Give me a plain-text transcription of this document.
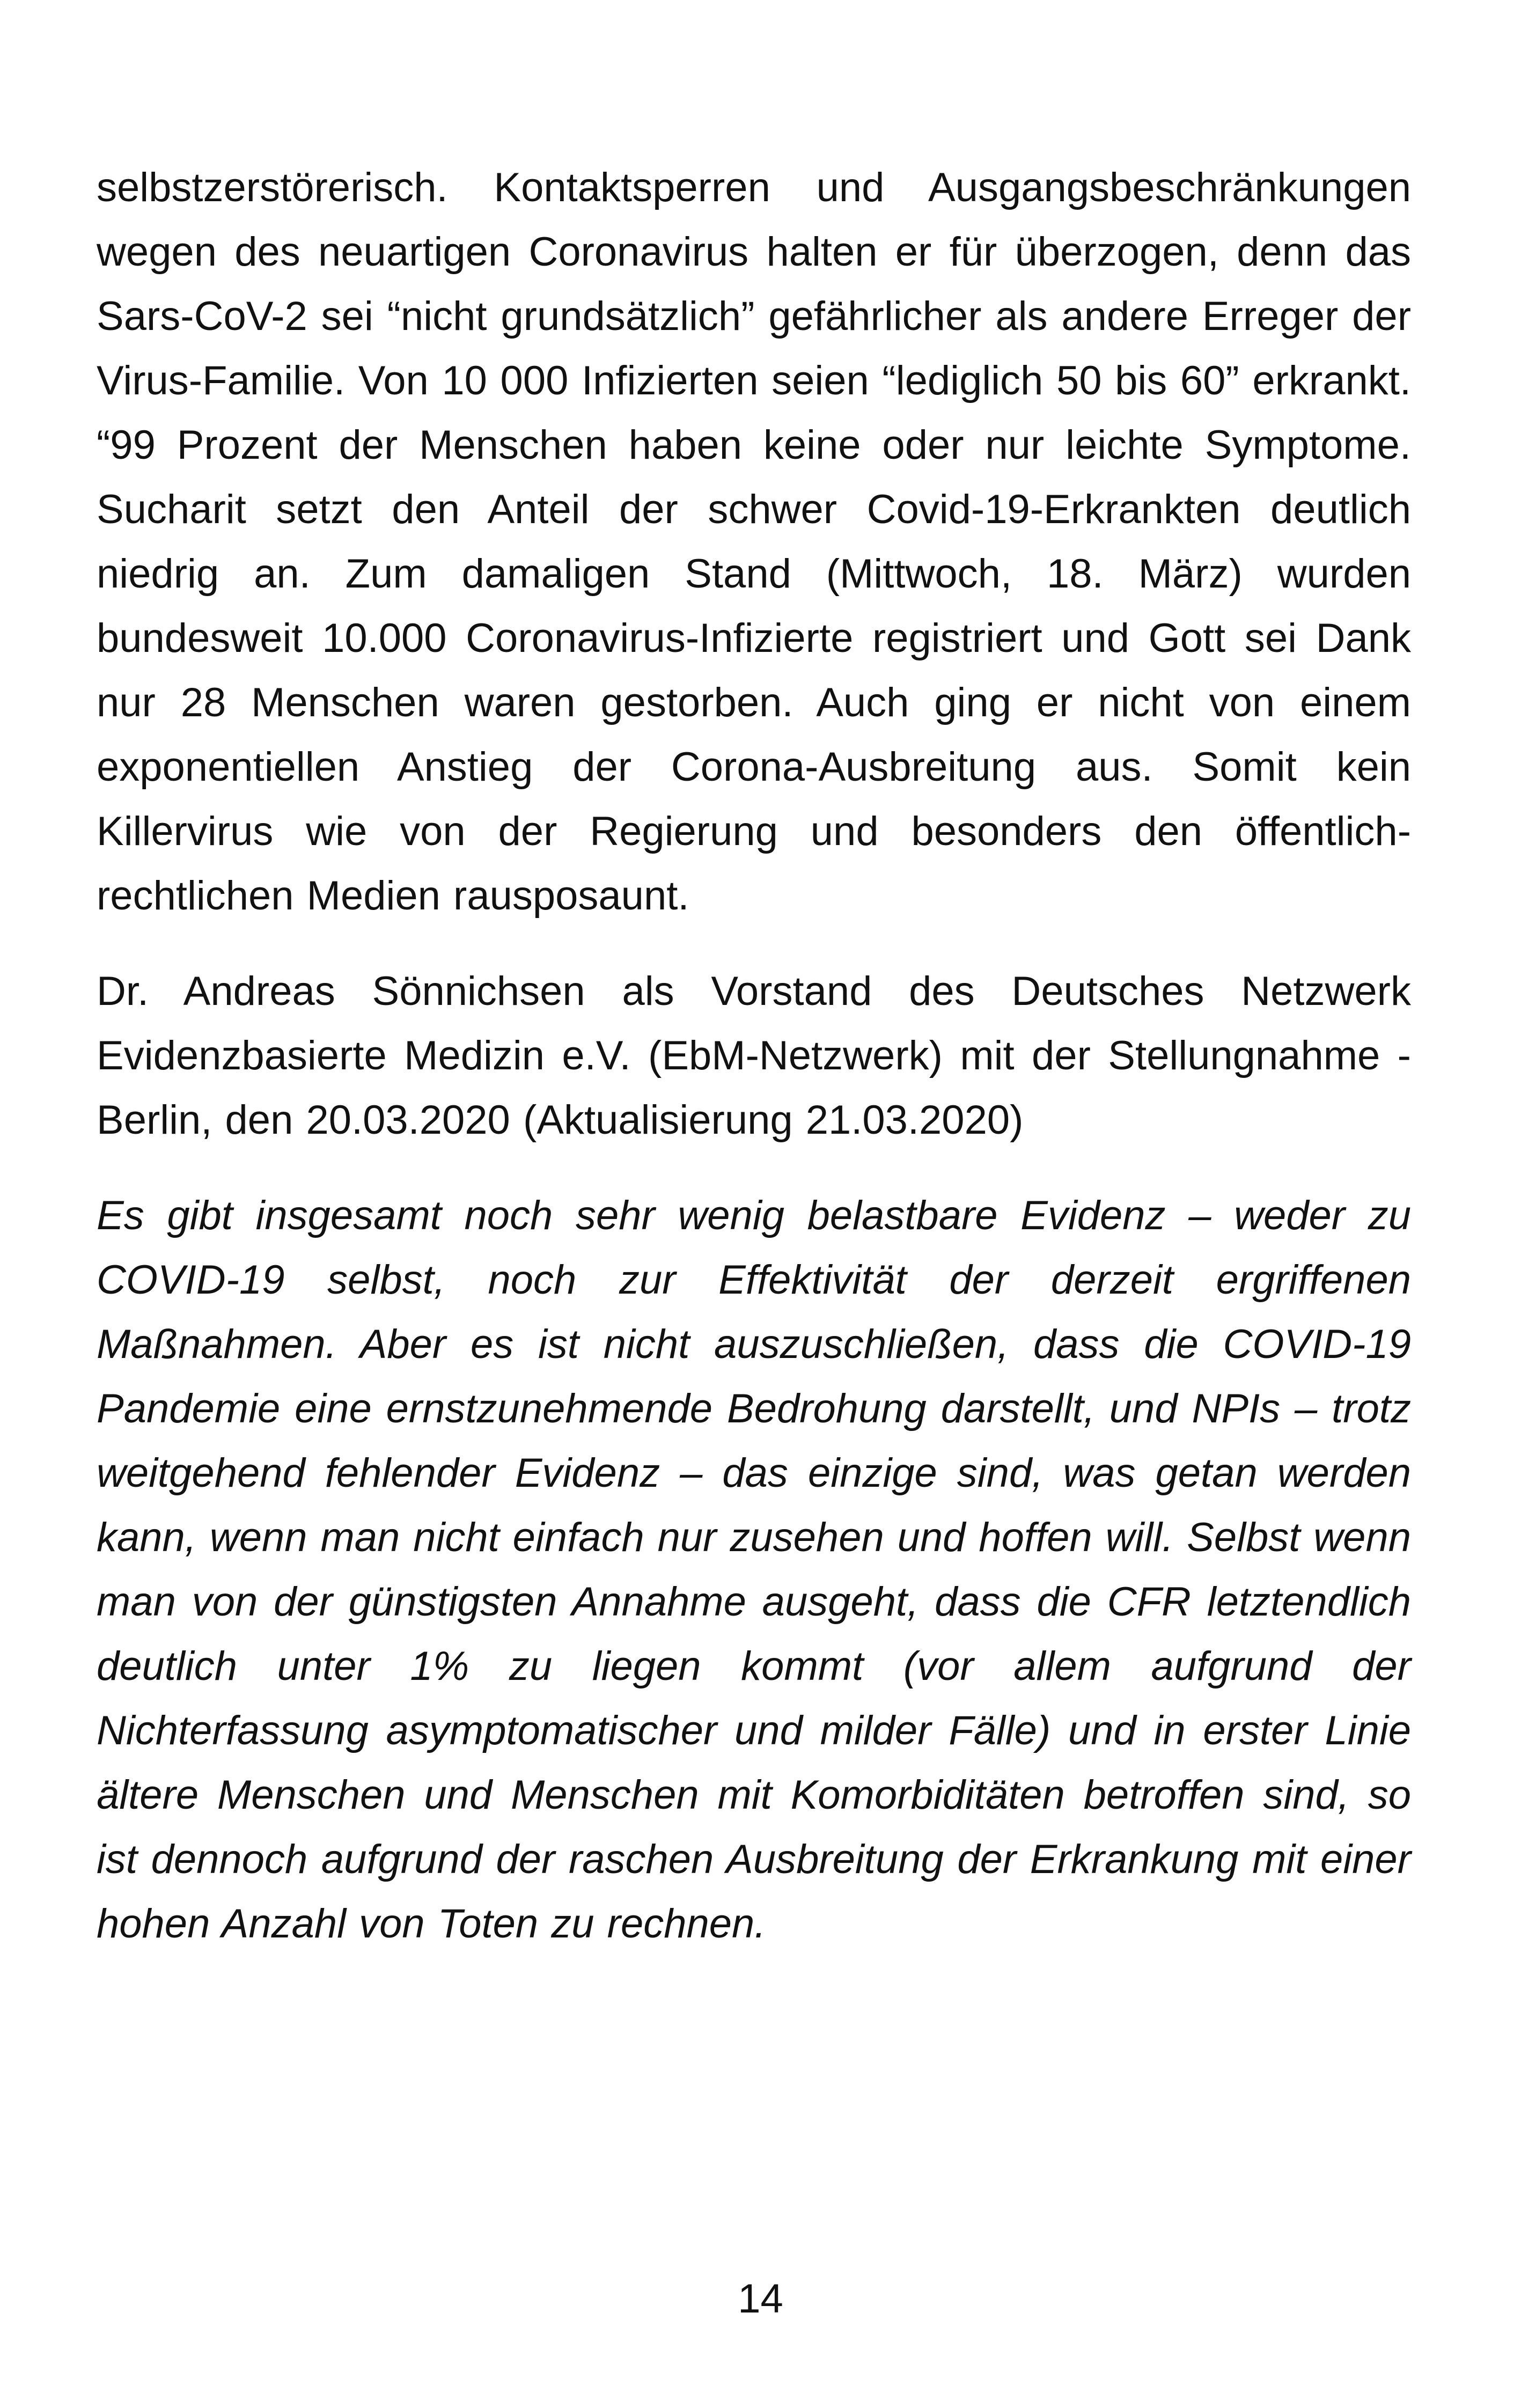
selbstzerstörerisch. Kontaktsperren und Ausgangsbeschränkungen wegen des neuartigen Coronavirus halten er für überzogen, denn das Sars-CoV-2 sei “nicht grundsätzlich” gefährlicher als andere Erreger der Virus-Familie. Von 10 000 Infizierten seien “lediglich 50 bis 60” erkrankt. “99 Prozent der Menschen haben keine oder nur leichte Symptome. Sucharit setzt den Anteil der schwer Covid-19-Erkrankten deutlich niedrig an. Zum damaligen Stand (Mittwoch, 18. März) wurden bundesweit 10.000 Coronavirus-Infizierte registriert und Gott sei Dank nur 28 Menschen waren gestorben. Auch ging er nicht von einem exponentiellen Anstieg der Corona-Ausbreitung aus. Somit kein Killervirus wie von der Regierung und besonders den öffentlich-rechtlichen Medien rausposaunt.

Dr. Andreas Sönnichsen als Vorstand des Deutsches Netzwerk Evidenzbasierte Medizin e.V. (EbM-Netzwerk) mit der Stellungnahme - Berlin, den 20.03.2020 (Aktualisierung 21.03.2020)

Es gibt insgesamt noch sehr wenig belastbare Evidenz – weder zu COVID-19 selbst, noch zur Effektivität der derzeit ergriffenen Maßnahmen. Aber es ist nicht auszuschließen, dass die COVID-19 Pandemie eine ernstzunehmende Bedrohung darstellt, und NPIs – trotz weitgehend fehlender Evidenz – das einzige sind, was getan werden kann, wenn man nicht einfach nur zusehen und hoffen will. Selbst wenn man von der günstigsten Annahme ausgeht, dass die CFR letztendlich deutlich unter 1% zu liegen kommt (vor allem aufgrund der Nichterfassung asymptomatischer und milder Fälle) und in erster Linie ältere Menschen und Menschen mit Komorbiditäten betroffen sind, so ist dennoch aufgrund der raschen Ausbreitung der Erkrankung mit einer hohen Anzahl von Toten zu rechnen.

14
